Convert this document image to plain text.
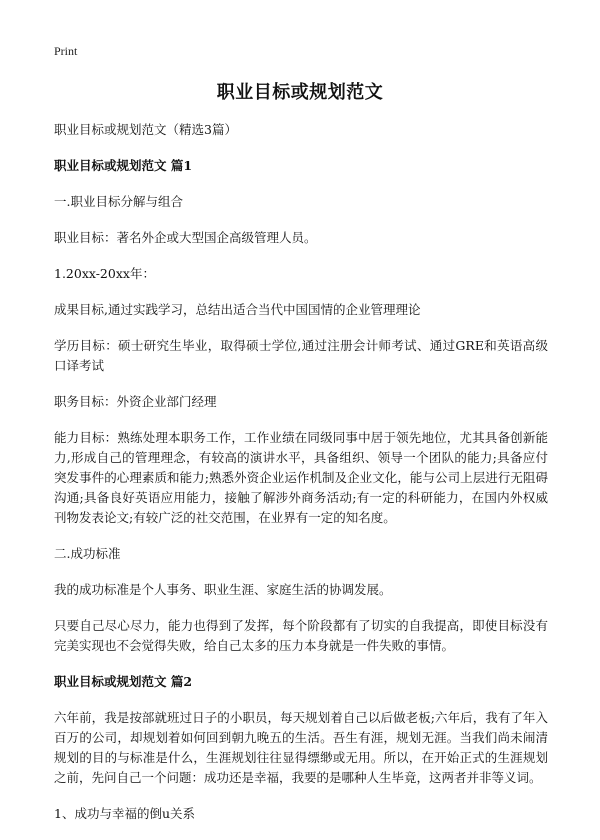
Print
职业目标或规划范文

职业目标或规划范文（精选3篇）

职业目标或规划范文 篇1

一.职业目标分解与组合

职业目标：著名外企或大型国企高级管理人员。

1.20xx-20xx年：

成果目标,通过实践学习，总结出适合当代中国国情的企业管理理论

学历目标：硕士研究生毕业，取得硕士学位,通过注册会计师考试、通过GRE和英语高级口译考试

职务目标：外资企业部门经理

能力目标：熟练处理本职务工作，工作业绩在同级同事中居于领先地位，尤其具备创新能力,形成自己的管理理念，有较高的演讲水平，具备组织、领导一个团队的能力;具备应付突发事件的心理素质和能力;熟悉外资企业运作机制及企业文化，能与公司上层进行无阻碍沟通;具备良好英语应用能力，接触了解涉外商务活动;有一定的科研能力，在国内外权威刊物发表论文;有较广泛的社交范围，在业界有一定的知名度。

二.成功标准

我的成功标准是个人事务、职业生涯、家庭生活的协调发展。

只要自己尽心尽力，能力也得到了发挥，每个阶段都有了切实的自我提高，即使目标没有完美实现也不会觉得失败，给自己太多的压力本身就是一件失败的事情。

职业目标或规划范文 篇2

六年前，我是按部就班过日子的小职员，每天规划着自己以后做老板;六年后，我有了年入百万的公司，却规划着如何回到朝九晚五的生活。吾生有涯，规划无涯。当我们尚未闹清规划的目的与标准是什么，生涯规划往往显得缥缈或无用。所以，在开始正式的生涯规划之前，先问自己一个问题：成功还是幸福，我要的是哪种人生毕竟，这两者并非等义词。

1、成功与幸福的倒u关系
